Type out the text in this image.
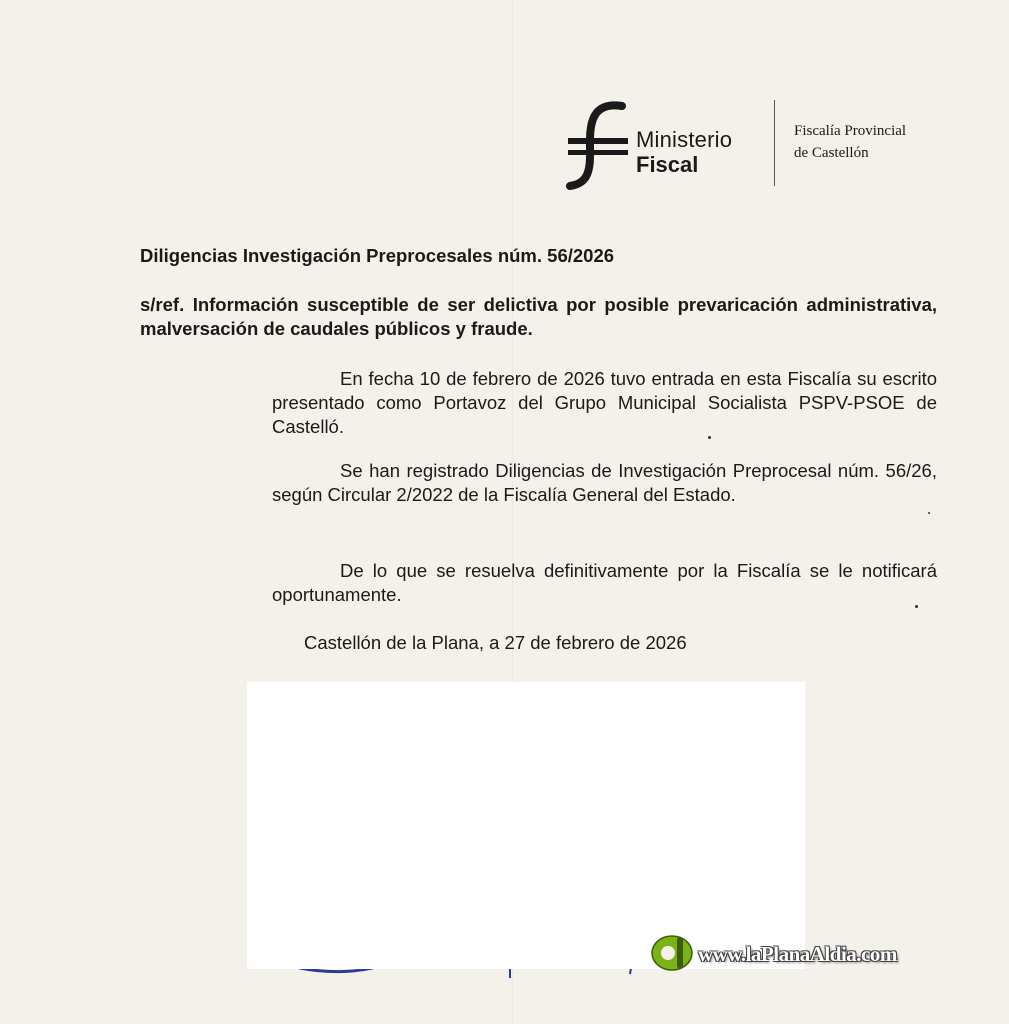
Ministerio
Fiscal
Fiscalía Provincial
de Castellón
Diligencias Investigación Preprocesales núm. 56/2026
s/ref. Información susceptible de ser delictiva por posible prevaricación administrativa, malversación de caudales públicos y fraude.
En fecha 10 de febrero de 2026 tuvo entrada en esta Fiscalía su escrito presentado como Portavoz del Grupo Municipal Socialista PSPV-PSOE de Castelló.
Se han registrado Diligencias de Investigación Preprocesal núm. 56/26, según Circular 2/2022 de la Fiscalía General del Estado.
De lo que se resuelva definitivamente por la Fiscalía se le notificará oportunamente.
Castellón de la Plana, a 27 de febrero de 2026
www.laPlanaAldia.com
